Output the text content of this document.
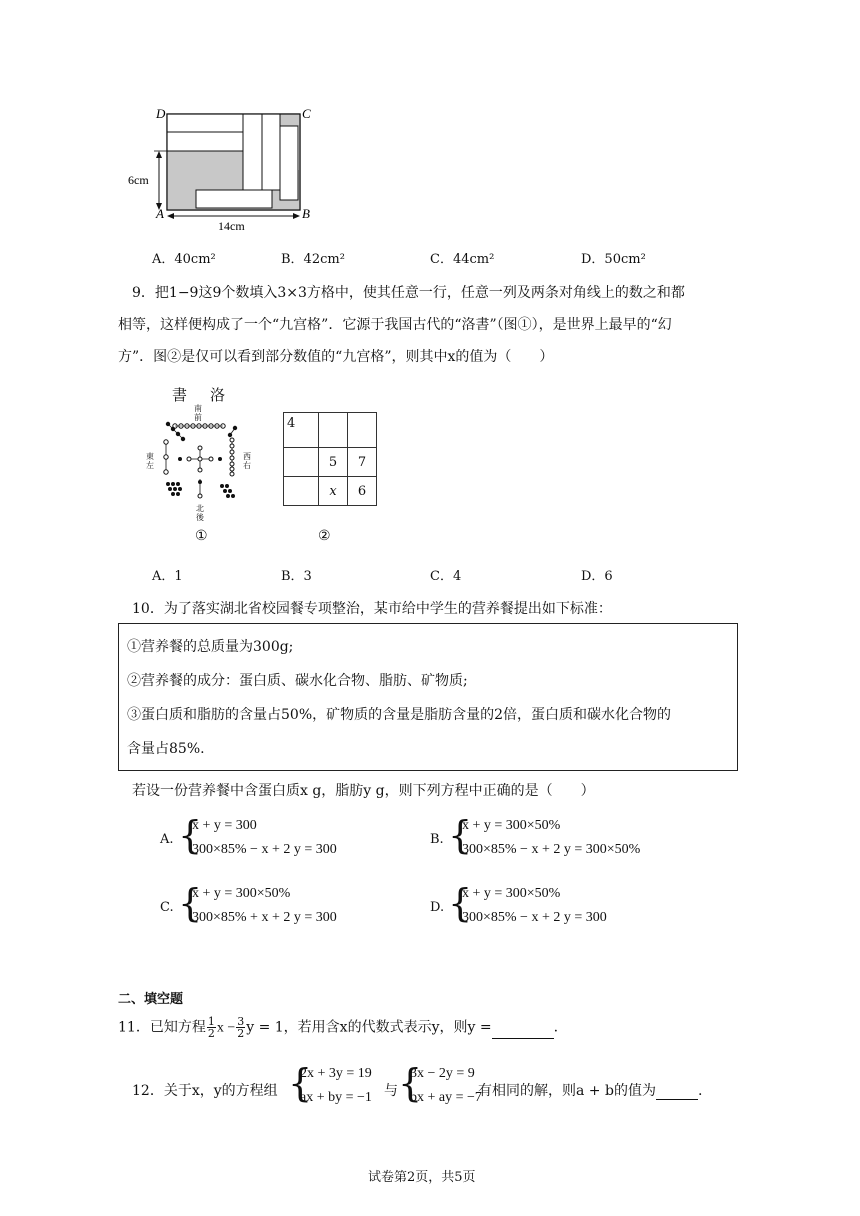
D	C
A	B
6cm
14cm
A．40cm²	B．42cm²	C．44cm²	D．50cm²
9．把1−9这9个数填入3×3方格中，使其任意一行，任意一列及两条对角线上的数之和都
相等，这样便构成了一个“九宫格”．它源于我国古代的“洛書”（图①），是世界上最早的“幻
方”．图②是仅可以看到部分数值的“九宫格”，则其中x的值为（　　）
書　洛
南前
東左
西右
北後
①
4		
	5	7
	x	6
②
A．1	B．3	C．4	D．6
10．为了落实湖北省校园餐专项整治，某市给中学生的营养餐提出如下标准：
①营养餐的总质量为300g;
②营养餐的成分：蛋白质、碳水化合物、脂肪、矿物质;
③蛋白质和脂肪的含量占50%，矿物质的含量是脂肪含量的2倍，蛋白质和碳水化合物的
含量占85%.
若设一份营养餐中含蛋白质x g，脂肪y g，则下列方程中正确的是（　　）
A. {
x + y = 300
300×85% − x + 2 y = 300
B. {
x + y = 300×50%
300×85% − x + 2 y = 300×50%
C. {
x + y = 300×50%
300×85% + x + 2 y = 300
D. {
x + y = 300×50%
300×85% − x + 2 y = 300
二、填空题
11．已知方程 $\frac{1}{2}$ $x - \frac{3}{2}$ y = 1，若用含x的代数式表示y，则y =	.
12．关于x，y的方程组 {
2x + 3y = 19
ax + by = −1 与 {
3x − 2y = 9
bx + ay = −7
有相同的解，则a + b的值为	.
试卷第2页，共5页
